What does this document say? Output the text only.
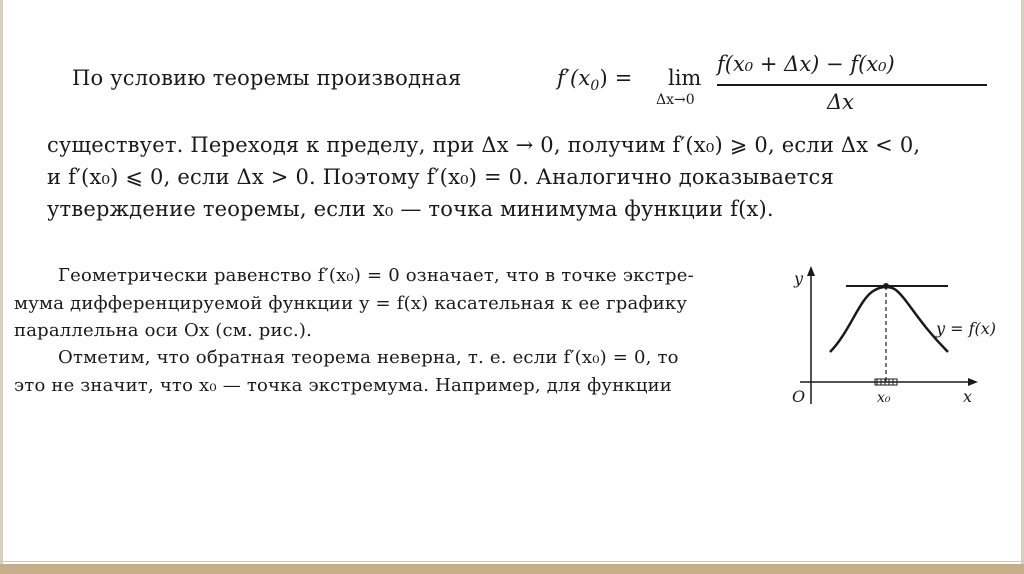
По условию теоремы производная	$f'(x_0) = \lim$
Δx→0
f(x₀ + Δx) − f(x₀)
Δx
существует. Переходя к пределу, при Δx → 0, получим f′(x₀) ⩾ 0, если Δx < 0,
и f′(x₀) ⩽ 0, если Δx > 0. Поэтому f′(x₀) = 0. Аналогично доказывается
утверждение теоремы, если x₀ — точка минимума функции f(x).
Геометрически равенство f′(x₀) = 0 означает, что в точке экстре-
мума дифференцируемой функции y = f(x) касательная к ее графику
параллельна оси Ox (см. рис.).
Отметим, что обратная теорема неверна, т. е. если f′(x₀) = 0, то
это не значит, что x₀ — точка экстремума. Например, для функции
y
x
O	x₀
y = f(x)
